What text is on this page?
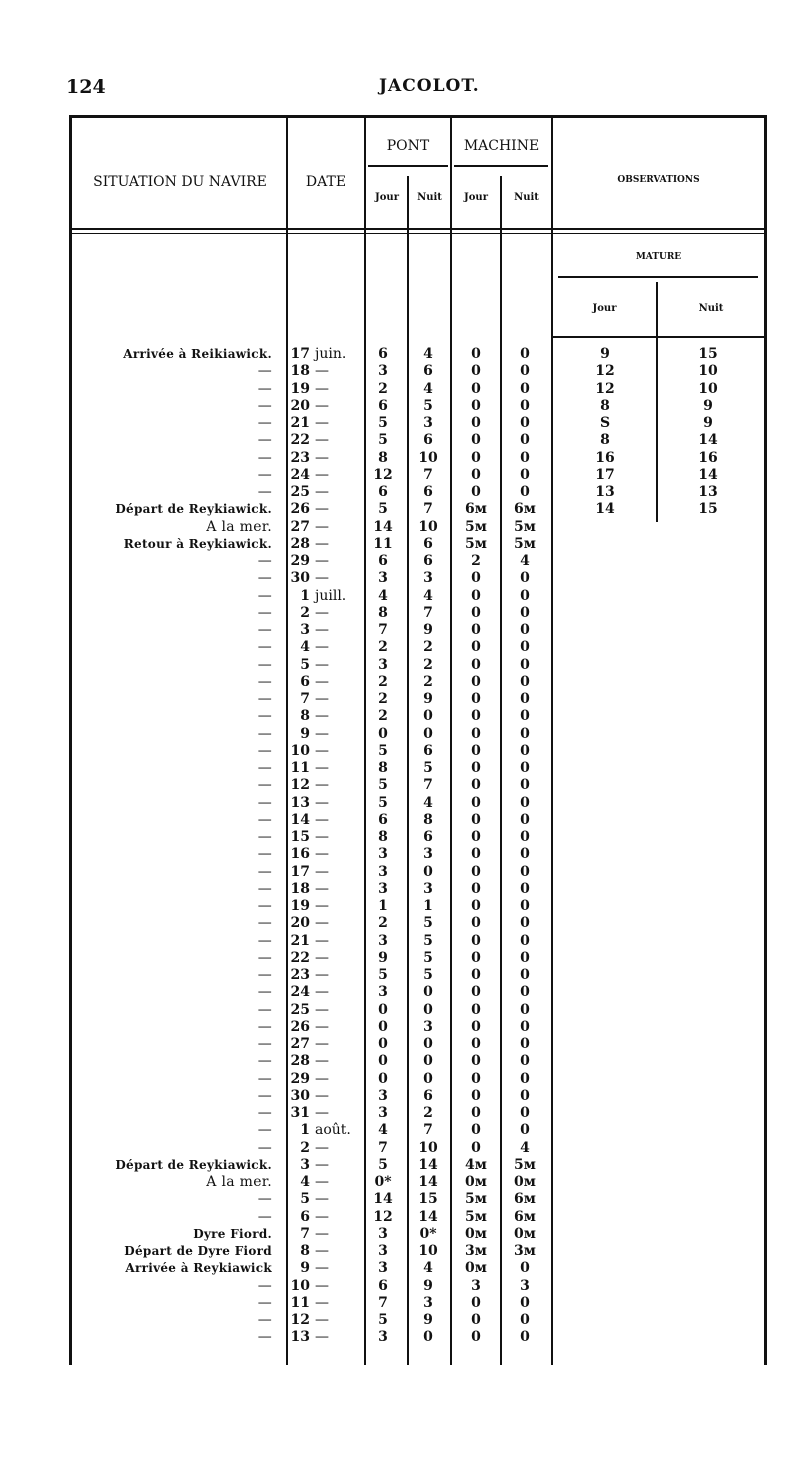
124	JACOLOT.
SITUATION DU NAVIRE	DATE
PONT	MACHINE
OBSERVATIONS
Jour	Nuit	Jour	Nuit
MATURE
Jour	Nuit
Arrivée à Reikiawick.	17 juin.	6	4	0	0	9	15
—	18 —	3	6	0	0	12	10
—	19 —	2	4	0	0	12	10
—	20 —	6	5	0	0	8	9
—	21 —	5	3	0	0	S	9
—	22 —	5	6	0	0	8	14
—	23 —	8	10	0	0	16	16
—	24 —	12	7	0	0	17	14
—	25 —	6	6	0	0	13	13
Départ de Reykiawick.	26 —	5	7	6м	6м	14	15
A la mer.	27 —	14	10	5м	5м
Retour à Reykiawick.	28 —	11	6	5м	5м
—	29 —	6	6	2	4
—	30 —	3	3	0	0
—	1 juill.	4	4	0	0
—	2 —	8	7	0	0
—	3 —	7	9	0	0
—	4 —	2	2	0	0
—	5 —	3	2	0	0
—	6 —	2	2	0	0
—	7 —	2	9	0	0
—	8 —	2	0	0	0
—	9 —	0	0	0	0
—	10 —	5	6	0	0
—	11 —	8	5	0	0
—	12 —	5	7	0	0
—	13 —	5	4	0	0
—	14 —	6	8	0	0
—	15 —	8	6	0	0
—	16 —	3	3	0	0
—	17 —	3	0	0	0
—	18 —	3	3	0	0
—	19 —	1	1	0	0
—	20 —	2	5	0	0
—	21 —	3	5	0	0
—	22 —	9	5	0	0
—	23 —	5	5	0	0
—	24 —	3	0	0	0
—	25 —	0	0	0	0
—	26 —	0	3	0	0
—	27 —	0	0	0	0
—	28 —	0	0	0	0
—	29 —	0	0	0	0
—	30 —	3	6	0	0
—	31 —	3	2	0	0
—	1 août.	4	7	0	0
—	2 —	7	10	0	4
Départ de Reykiawick.	3 —	5	14	4м	5м
A la mer.	4 —	0*	14	0м	0м
—	5 —	14	15	5м	6м
—	6 —	12	14	5м	6м
Dyre Fiord.	7 —	3	0*	0м	0м
Départ de Dyre Fiord	8 —	3	10	3м	3м
Arrivée à Reykiawick	9 —	3	4	0м	0
—	10 —	6	9	3	3
—	11 —	7	3	0	0
—	12 —	5	9	0	0
—	13 —	3	0	0	0
